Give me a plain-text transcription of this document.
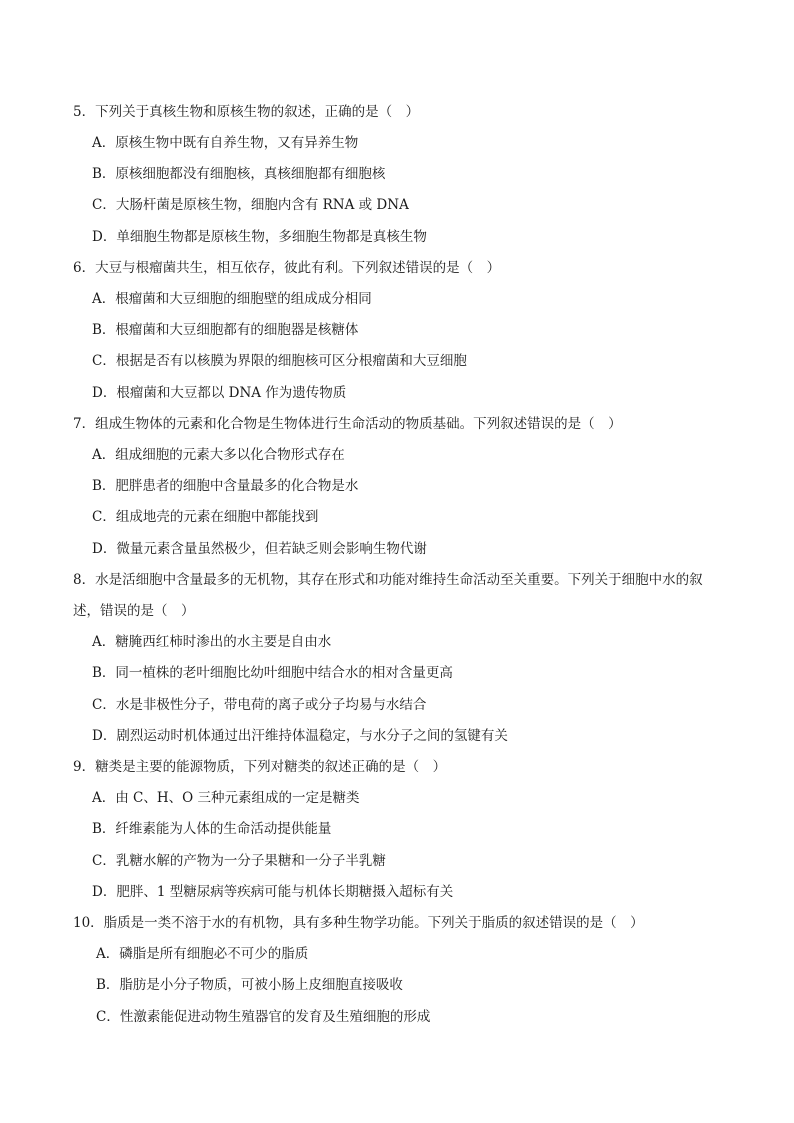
5．下列关于真核生物和原核生物的叙述，正确的是（　）
A．原核生物中既有自养生物，又有异养生物
B．原核细胞都没有细胞核，真核细胞都有细胞核
C．大肠杆菌是原核生物，细胞内含有 RNA 或 DNA
D．单细胞生物都是原核生物，多细胞生物都是真核生物
6．大豆与根瘤菌共生，相互依存，彼此有利。下列叙述错误的是（　）
A．根瘤菌和大豆细胞的细胞壁的组成成分相同
B．根瘤菌和大豆细胞都有的细胞器是核糖体
C．根据是否有以核膜为界限的细胞核可区分根瘤菌和大豆细胞
D．根瘤菌和大豆都以 DNA 作为遗传物质
7．组成生物体的元素和化合物是生物体进行生命活动的物质基础。下列叙述错误的是（　）
A．组成细胞的元素大多以化合物形式存在
B．肥胖患者的细胞中含量最多的化合物是水
C．组成地壳的元素在细胞中都能找到
D．微量元素含量虽然极少，但若缺乏则会影响生物代谢
8．水是活细胞中含量最多的无机物，其存在形式和功能对维持生命活动至关重要。下列关于细胞中水的叙
述，错误的是（　）
A．糖腌西红柿时渗出的水主要是自由水
B．同一植株的老叶细胞比幼叶细胞中结合水的相对含量更高
C．水是非极性分子，带电荷的离子或分子均易与水结合
D．剧烈运动时机体通过出汗维持体温稳定，与水分子之间的氢键有关
9．糖类是主要的能源物质，下列对糖类的叙述正确的是（　）
A．由 C、H、O 三种元素组成的一定是糖类
B．纤维素能为人体的生命活动提供能量
C．乳糖水解的产物为一分子果糖和一分子半乳糖
D．肥胖、1 型糖尿病等疾病可能与机体长期糖摄入超标有关
10．脂质是一类不溶于水的有机物，具有多种生物学功能。下列关于脂质的叙述错误的是（　）
A．磷脂是所有细胞必不可少的脂质
B．脂肪是小分子物质，可被小肠上皮细胞直接吸收
C．性激素能促进动物生殖器官的发育及生殖细胞的形成
